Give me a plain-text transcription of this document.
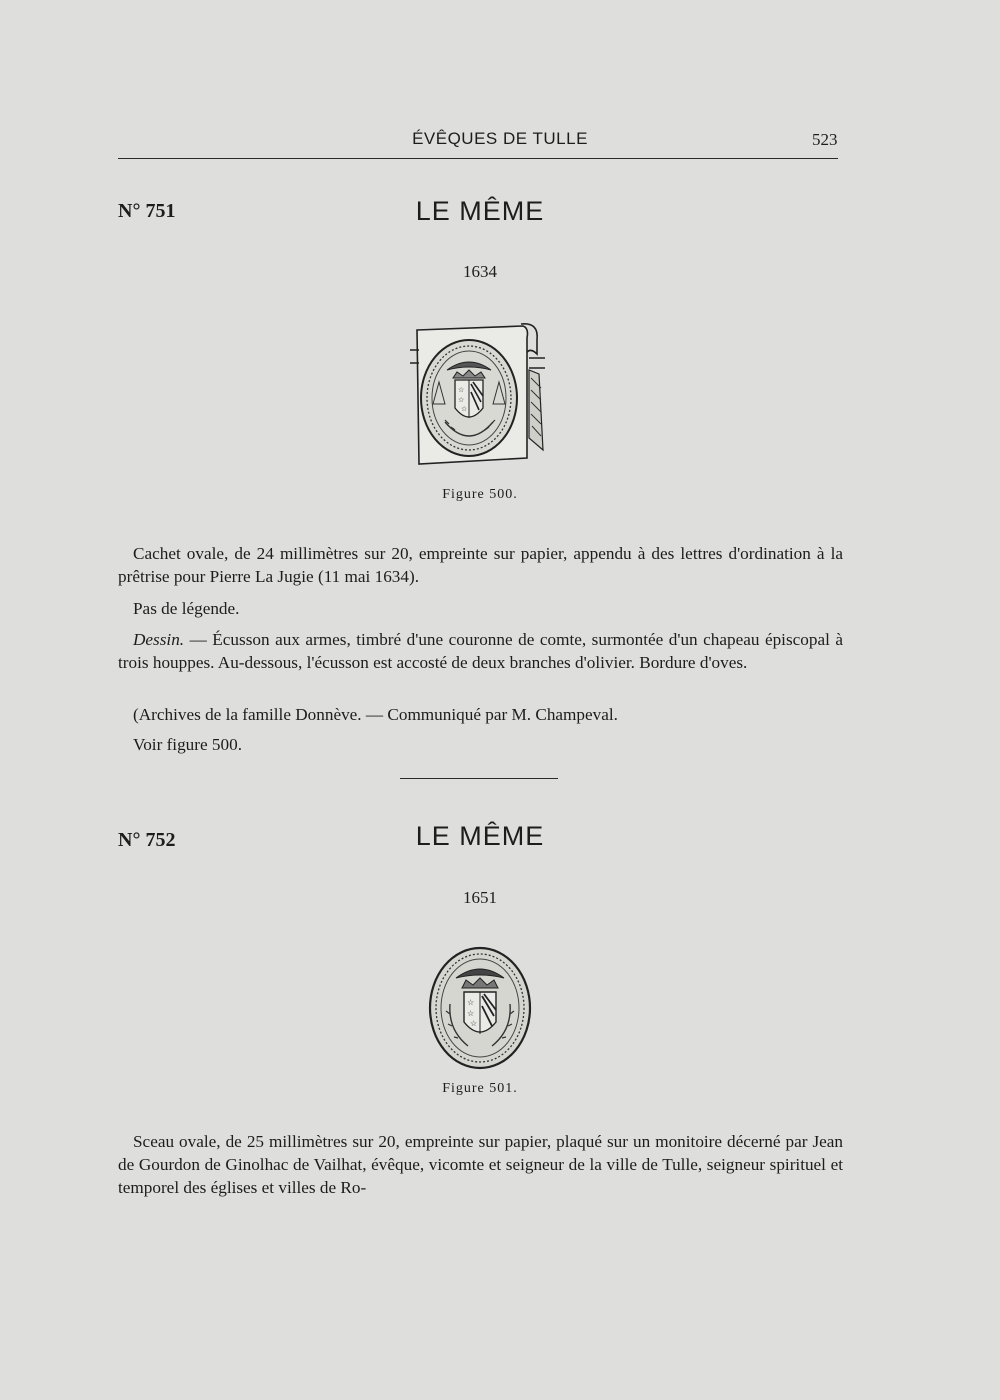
ÉVÊQUES DE TULLE	523
N° 751	LE MÊME
1634
☆
☆
☆
Figure 500.
Cachet ovale, de 24 millimètres sur 20, empreinte sur papier, appendu à des lettres d'ordination à la prêtrise pour Pierre La Jugie (11 mai 1634).
Pas de légende.
Dessin. — Écusson aux armes, timbré d'une couronne de comte, surmontée d'un chapeau épiscopal à trois houppes. Au-dessous, l'écusson est accosté de deux branches d'olivier. Bordure d'oves.
(Archives de la famille Donnève. — Communiqué par M. Champeval.
Voir figure 500.
N° 752	LE MÊME
1651
☆
☆
☆
Figure 501.
Sceau ovale, de 25 millimètres sur 20, empreinte sur papier, plaqué sur un monitoire décerné par Jean de Gourdon de Ginolhac de Vailhat, évêque, vicomte et seigneur de la ville de Tulle, seigneur spirituel et temporel des églises et villes de Ro-
